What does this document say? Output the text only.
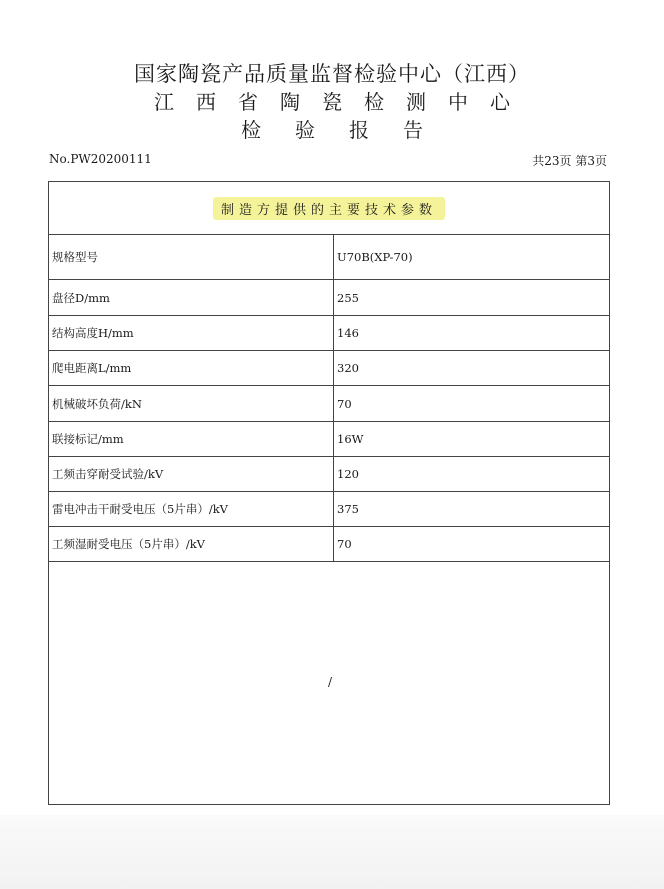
国家陶瓷产品质量监督检验中心（江西）
江西省陶瓷检测中心
检验报告
No.PW20200111	共23页 第3页
制造方提供的主要技术参数
规格型号	U70B(XP-70)
盘径D/mm	255
结构高度H/mm	146
爬电距离L/mm	320
机械破坏负荷/kN	70
联接标记/mm	16W
工频击穿耐受试验/kV	120
雷电冲击干耐受电压（5片串）/kV	375
工频湿耐受电压（5片串）/kV	70
/
